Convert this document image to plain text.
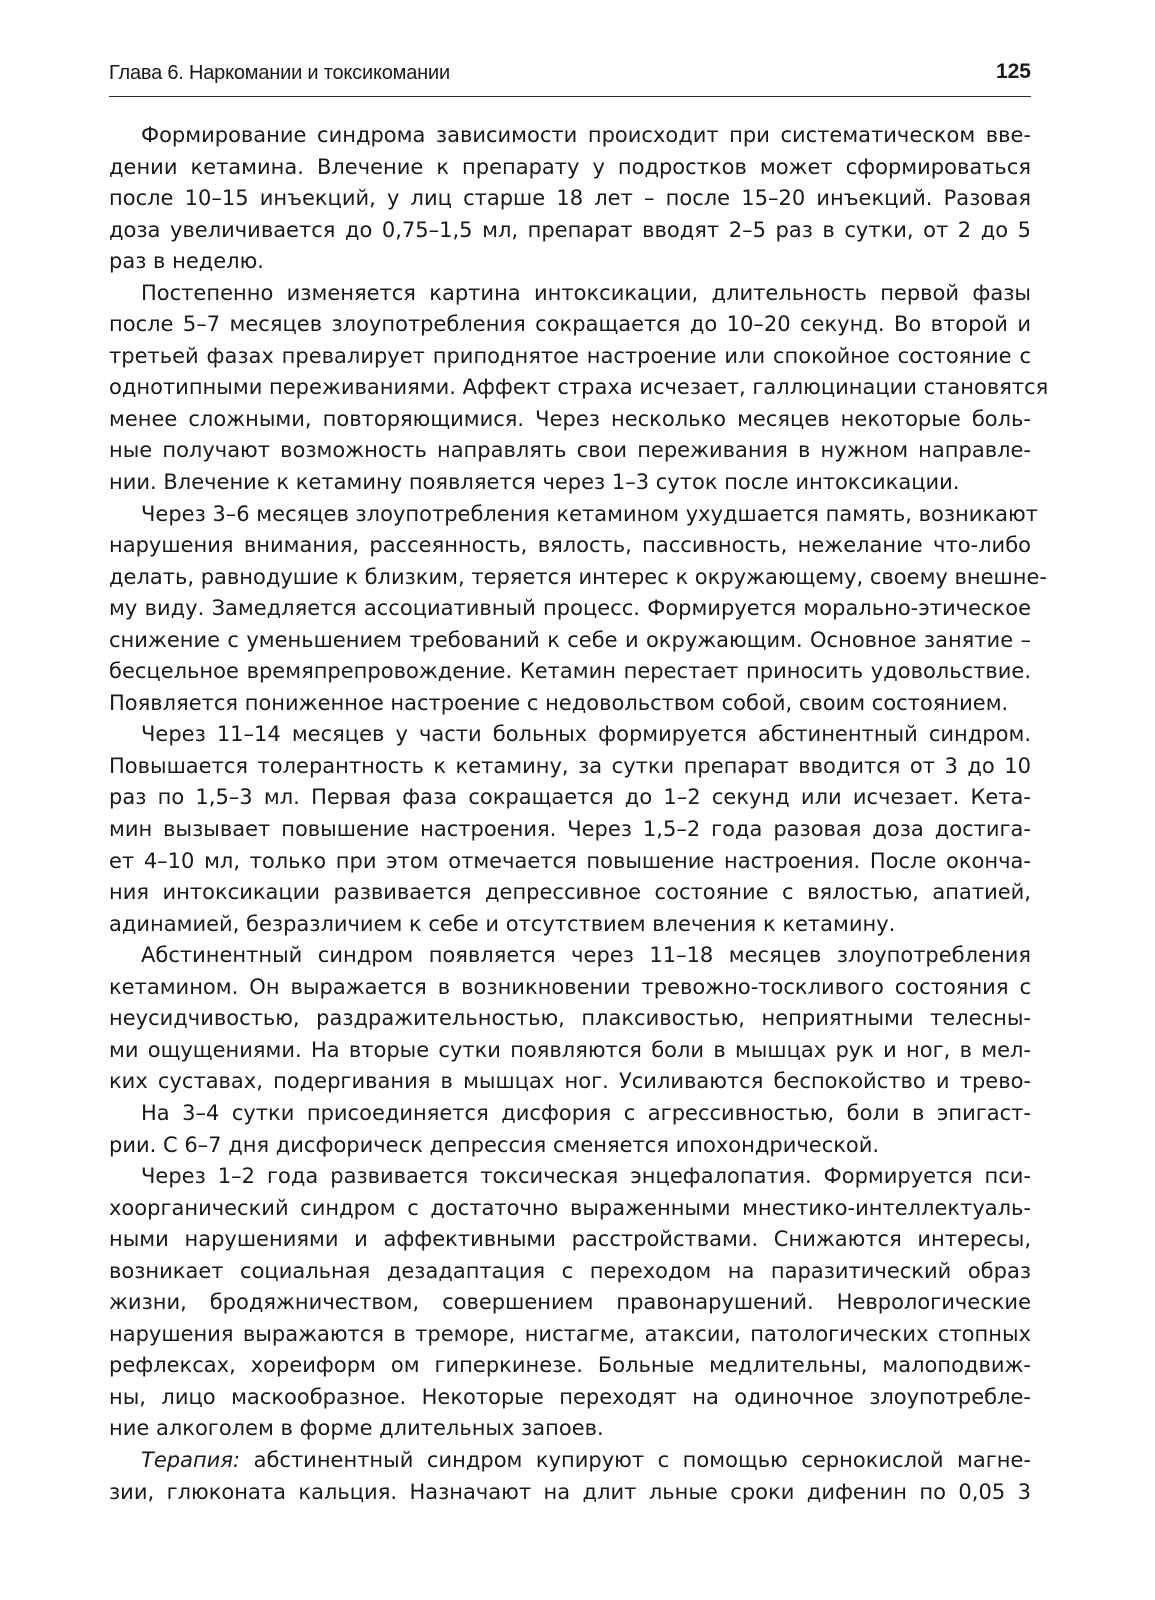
Глава 6. Наркомании и токсикомании	125
Формирование синдрома зависимости происходит при систематическом вве-
дении кетамина. Влечение к препарату у подростков может сформироваться
после 10–15 инъекций, у лиц старше 18 лет – после 15–20 инъекций. Разовая
доза увеличивается до 0,75–1,5 мл, препарат вводят 2–5 раз в сутки, от 2 до 5
раз в неделю.
Постепенно изменяется картина интоксикации, длительность первой фазы
после 5–7 месяцев злоупотребления сокращается до 10–20 секунд. Во второй и
третьей фазах превалирует приподнятое настроение или спокойное состояние с
однотипными переживаниями. Аффект страха исчезает, галлюцинации становятся
менее сложными, повторяющимися. Через несколько месяцев некоторые боль-
ные получают возможность направлять свои переживания в нужном направле-
нии. Влечение к кетамину появляется через 1–3 суток после интоксикации.
Через 3–6 месяцев злоупотребления кетамином ухудшается память, возникают
нарушения внимания, рассеянность, вялость, пассивность, нежелание что-либо
делать, равнодушие к близким, теряется интерес к окружающему, своему внешне-
му виду. Замедляется ассоциативный процесс. Формируется морально-этическое
снижение с уменьшением требований к себе и окружающим. Основное занятие –
бесцельное времяпрепровождение. Кетамин перестает приносить удовольствие.
Появляется пониженное настроение с недовольством собой, своим состоянием.
Через 11–14 месяцев у части больных формируется абстинентный синдром.
Повышается толерантность к кетамину, за сутки препарат вводится от 3 до 10
раз по 1,5–3 мл. Первая фаза сокращается до 1–2 секунд или исчезает. Кета-
мин вызывает повышение настроения. Через 1,5–2 года разовая доза достига-
ет 4–10 мл, только при этом отмечается повышение настроения. После оконча-
ния интоксикации развивается депрессивное состояние с вялостью, апатией,
адинамией, безразличием к себе и отсутствием влечения к кетамину.
Абстинентный синдром появляется через 11–18 месяцев злоупотребления
кетамином. Он выражается в возникновении тревожно-тоскливого состояния с
неусидчивостью, раздражительностью, плаксивостью, неприятными телесны-
ми ощущениями. На вторые сутки появляются боли в мышцах рук и ног, в мел-
ких суставах, подергивания в мышцах ног. Усиливаются беспокойство и трево-
На 3–4 сутки присоединяется дисфория с агрессивностью, боли в эпигаст-
рии. С 6–7 дня дисфорическ депрессия сменяется ипохондрической.
Через 1–2 года развивается токсическая энцефалопатия. Формируется пси-
хоорганический синдром с достаточно выраженными мнестико-интеллектуаль-
ными нарушениями и аффективными расстройствами. Снижаются интересы,
возникает социальная дезадаптация с переходом на паразитический образ
жизни, бродяжничеством, совершением правонарушений. Неврологические
нарушения выражаются в треморе, нистагме, атаксии, патологических стопных
рефлексах, хореиформ ом гиперкинезе. Больные медлительны, малоподвиж-
ны, лицо маскообразное. Некоторые переходят на одиночное злоупотребле-
ние алкоголем в форме длительных запоев.
Терапия: абстинентный синдром купируют с помощью сернокислой магне-
зии, глюконата кальция. Назначают на длит льные сроки дифенин по 0,05 3
